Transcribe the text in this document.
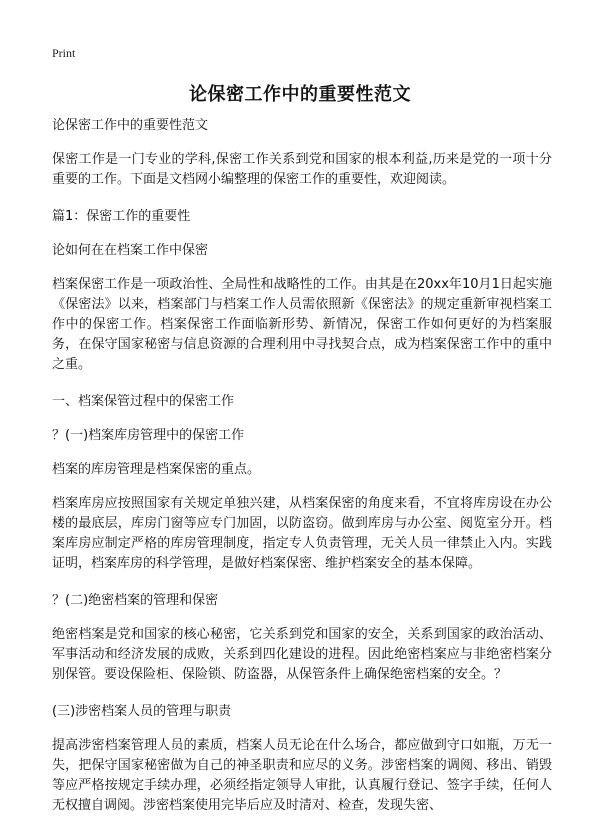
Print
论保密工作中的重要性范文

论保密工作中的重要性范文

保密工作是一门专业的学科,保密工作关系到党和国家的根本利益,历来是党的一项十分重要的工作。下面是文档网小编整理的保密工作的重要性，欢迎阅读。

篇1：保密工作的重要性

论如何在在档案工作中保密

档案保密工作是一项政治性、全局性和战略性的工作。由其是在20xx年10月1日起实施《保密法》以来，档案部门与档案工作人员需依照新《保密法》的规定重新审视档案工作中的保密工作。档案保密工作面临新形势、新情况，保密工作如何更好的为档案服务，在保守国家秘密与信息资源的合理利用中寻找契合点，成为档案保密工作中的重中之重。

一、档案保管过程中的保密工作

？(一)档案库房管理中的保密工作

档案的库房管理是档案保密的重点。

档案库房应按照国家有关规定单独兴建，从档案保密的角度来看，不宜将库房设在办公楼的最底层，库房门窗等应专门加固，以防盗窃。做到库房与办公室、阅览室分开。档案库房应制定严格的库房管理制度，指定专人负责管理，无关人员一律禁止入内。实践证明，档案库房的科学管理，是做好档案保密、维护档案安全的基本保障。

？(二)绝密档案的管理和保密

绝密档案是党和国家的核心秘密，它关系到党和国家的安全，关系到国家的政治活动、军事活动和经济发展的成败，关系到四化建设的进程。因此绝密档案应与非绝密档案分别保管。要设保险柜、保险锁、防盗器，从保管条件上确保绝密档案的安全。？

(三)涉密档案人员的管理与职责

提高涉密档案管理人员的素质，档案人员无论在什么场合，都应做到守口如瓶，万无一失，把保守国家秘密做为自己的神圣职责和应尽的义务。涉密档案的调阅、移出、销毁等应严格按规定手续办理，必须经指定领导人审批，认真履行登记、签字手续，任何人无权擅自调阅。涉密档案使用完毕后应及时清对、检查，发现失密、
